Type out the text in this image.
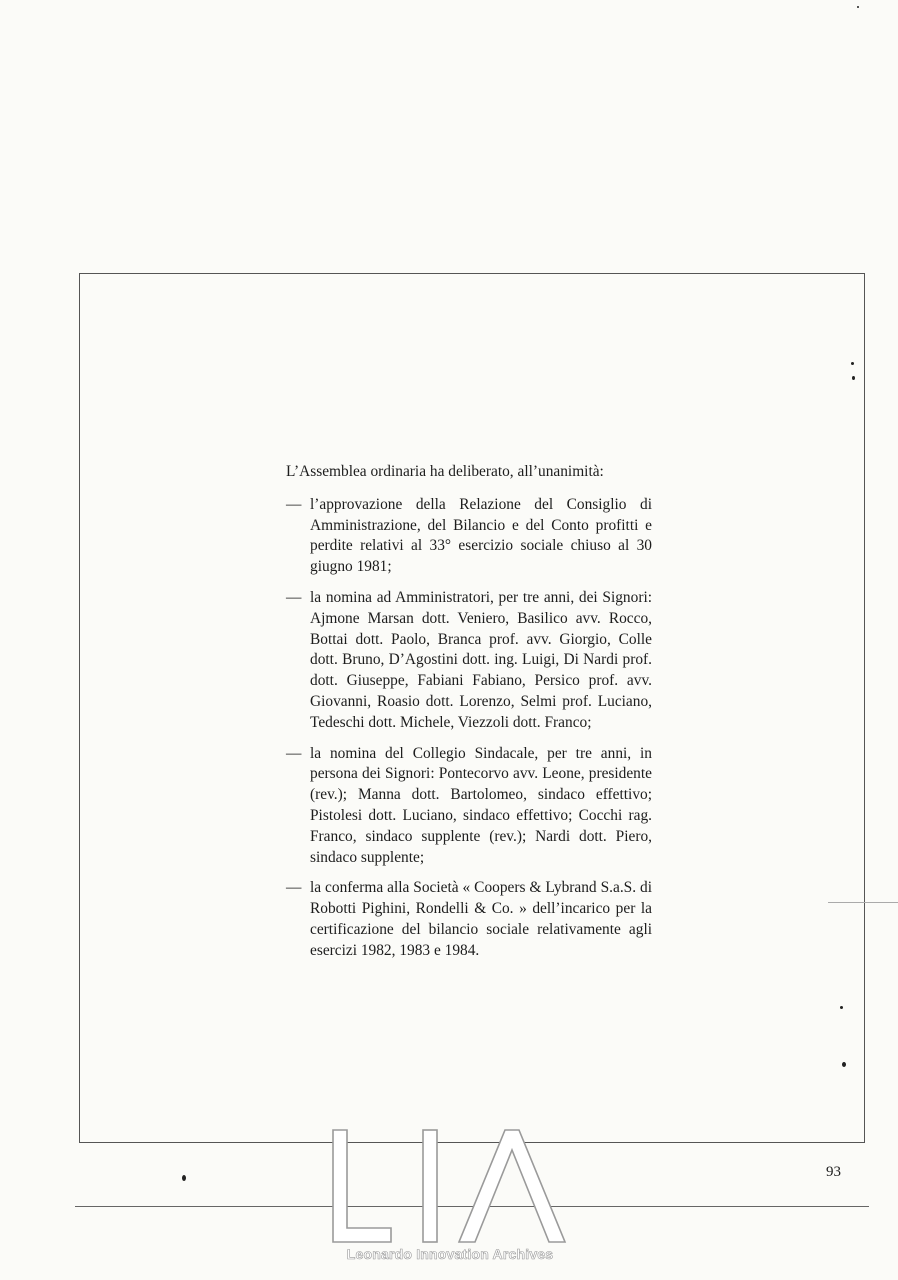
L’Assemblea ordinaria ha deliberato, all’unanimità:

— l’approvazione della Relazione del Consiglio di Amministrazione, del Bilancio e del Conto profitti e perdite relativi al 33° esercizio sociale chiuso al 30 giugno 1981;
— la nomina ad Amministratori, per tre anni, dei Signori: Ajmone Marsan dott. Veniero, Basilico avv. Rocco, Bottai dott. Paolo, Branca prof. avv. Giorgio, Colle dott. Bruno, D’Agostini dott. ing. Luigi, Di Nardi prof. dott. Giuseppe, Fabiani Fabiano, Persico prof. avv. Giovanni, Roasio dott. Lorenzo, Selmi prof. Luciano, Tedeschi dott. Michele, Viezzoli dott. Franco;
— la nomina del Collegio Sindacale, per tre anni, in persona dei Signori: Pontecorvo avv. Leone, presidente (rev.); Manna dott. Bartolomeo, sindaco effettivo; Pistolesi dott. Luciano, sindaco effettivo; Cocchi rag. Franco, sindaco supplente (rev.); Nardi dott. Piero, sindaco supplente;
— la conferma alla Società « Coopers & Lybrand S.a.S. di Robotti Pighini, Rondelli & Co. » dell’incarico per la certificazione del bilancio sociale relativamente agli esercizi 1982, 1983 e 1984.
93
Leonardo Innovation Archives
